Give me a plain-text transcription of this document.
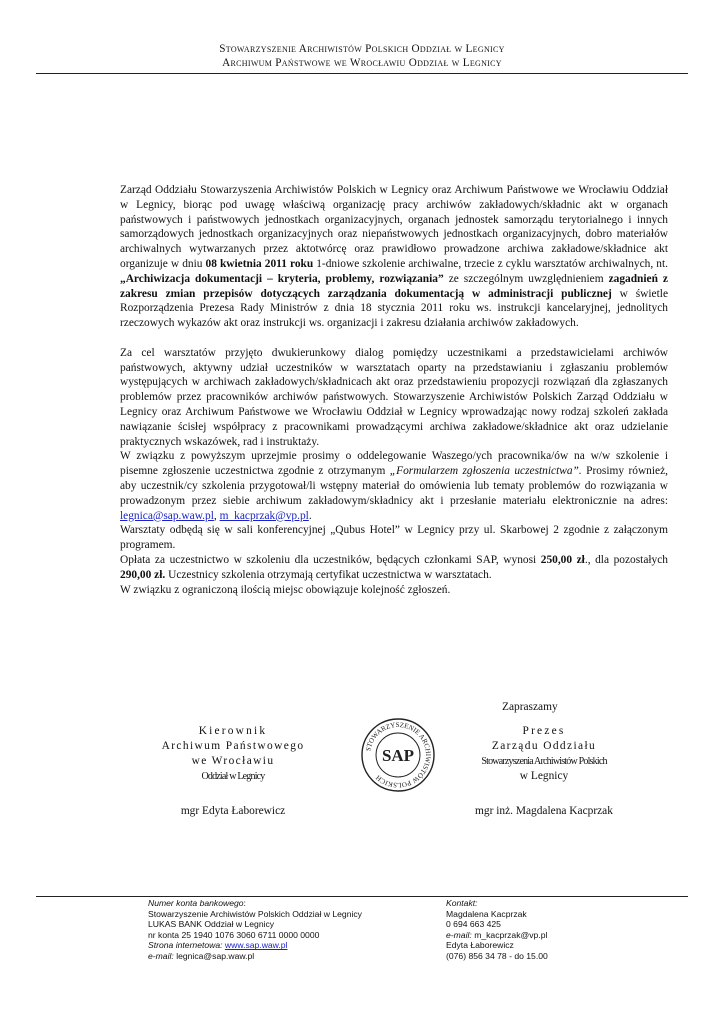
Stowarzyszenie Archiwistów Polskich Oddział w Legnicy
Archiwum Państwowe we Wrocławiu Oddział w Legnicy

Zarząd Oddziału Stowarzyszenia Archiwistów Polskich w Legnicy oraz Archiwum Państwowe we Wrocławiu Oddział w Legnicy, biorąc pod uwagę właściwą organizację pracy archiwów zakładowych/składnic akt w organach państwowych i państwowych jednostkach organizacyjnych, organach jednostek samorządu terytorialnego i innych samorządowych jednostkach organizacyjnych oraz niepaństwowych jednostkach organizacyjnych, dobro materiałów archiwalnych wytwarzanych przez aktotwórcę oraz prawidłowo prowadzone archiwa zakładowe/składnice akt organizuje w dniu 08 kwietnia 2011 roku 1-dniowe szkolenie archiwalne, trzecie z cyklu warsztatów archiwalnych, nt. „Archiwizacja dokumentacji – kryteria, problemy, rozwiązania” ze szczególnym uwzględnieniem zagadnień z zakresu zmian przepisów dotyczących zarządzania dokumentacją w administracji publicznej w świetle Rozporządzenia Prezesa Rady Ministrów z dnia 18 stycznia 2011 roku ws. instrukcji kancelaryjnej, jednolitych rzeczowych wykazów akt oraz instrukcji ws. organizacji i zakresu działania archiwów zakładowych.

Za cel warsztatów przyjęto dwukierunkowy dialog pomiędzy uczestnikami a przedstawicielami archiwów państwowych, aktywny udział uczestników w warsztatach oparty na przedstawianiu i zgłaszaniu problemów występujących w archiwach zakładowych/składnicach akt oraz przedstawieniu propozycji rozwiązań dla zgłaszanych problemów przez pracowników archiwów państwowych. Stowarzyszenie Archiwistów Polskich Zarząd Oddziału w Legnicy oraz Archiwum Państwowe we Wrocławiu Oddział w Legnicy wprowadzając nowy rodzaj szkoleń zakłada nawiązanie ścisłej współpracy z pracownikami prowadzącymi archiwa zakładowe/składnice akt oraz udzielanie praktycznych wskazówek, rad i instruktaży.

W związku z powyższym uprzejmie prosimy o oddelegowanie Waszego/ych pracownika/ów na w/w szkolenie i pisemne zgłoszenie uczestnictwa zgodnie z otrzymanym „Formularzem zgłoszenia uczestnictwa”. Prosimy również, aby uczestnik/cy szkolenia przygotował/li wstępny materiał do omówienia lub tematy problemów do rozwiązania w prowadzonym przez siebie archiwum zakładowym/składnicy akt i przesłanie materiału elektronicznie na adres: legnica@sap.waw.pl, m_kacprzak@vp.pl.

Warsztaty odbędą się w sali konferencyjnej „Qubus Hotel” w Legnicy przy ul. Skarbowej 2 zgodnie z załączonym programem.

Opłata za uczestnictwo w szkoleniu dla uczestników, będących członkami SAP, wynosi 250,00 zł., dla pozostałych 290,00 zł. Uczestnicy szkolenia otrzymają certyfikat uczestnictwa w warsztatach.

W związku z ograniczoną ilością miejsc obowiązuje kolejność zgłoszeń.

Zapraszamy
Kierownik
Archiwum Państwowego
we Wrocławiu
Oddział w Legnicy
mgr Edyta Łaborewicz
STOWARZYSZENIE ARCHIWISTÓW POLSKICH
SAP
Prezes
Zarządu Oddziału
Stowarzyszenia Archiwistów Polskich
w Legnicy
mgr inż. Magdalena Kacprzak
Numer konta bankowego:
Stowarzyszenie Archiwistów Polskich Oddział w Legnicy
LUKAS BANK Oddział w Legnicy
nr konta 25 1940 1076 3060 6711 0000 0000
Strona internetowa: www.sap.waw.pl
e-mail: legnica@sap.waw.pl
Kontakt:
Magdalena Kacprzak
0 694 663 425
e-mail: m_kacprzak@vp.pl
Edyta Łaborewicz
(076) 856 34 78 - do 15.00
